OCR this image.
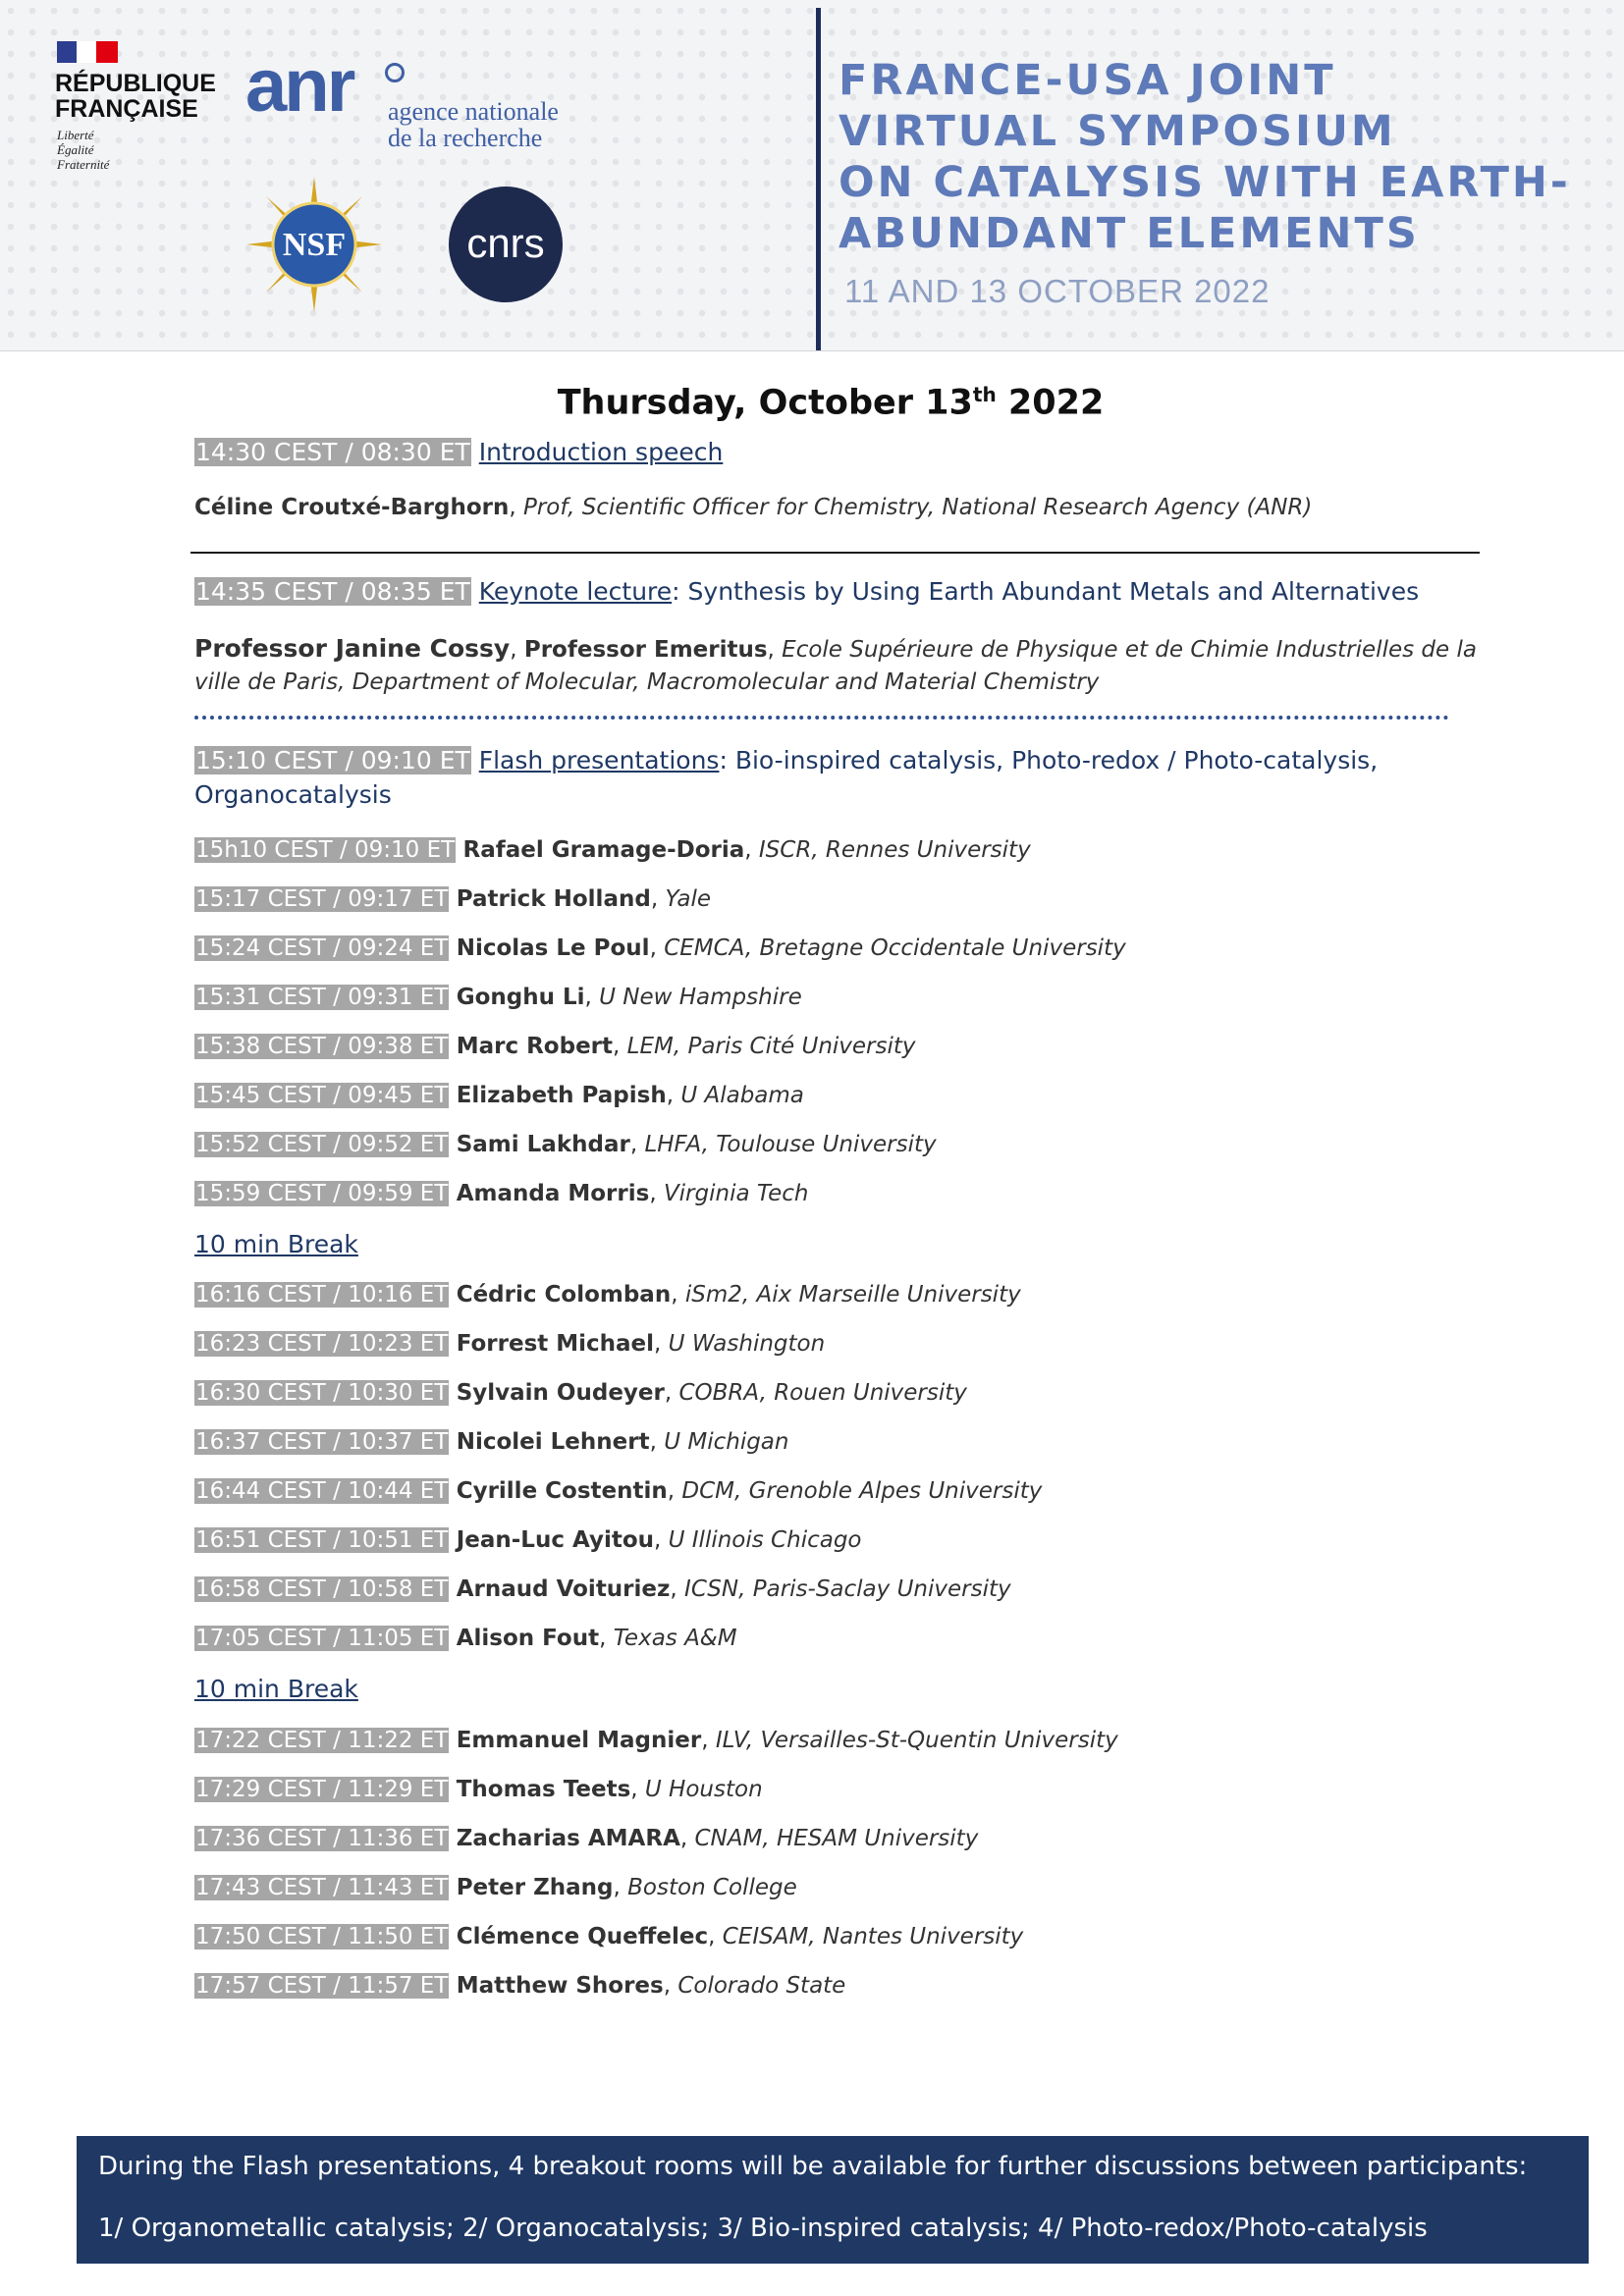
RÉPUBLIQUE
FRANÇAISE
Liberté
Égalité
Fraternité
anr agence nationale
de la recherche
NSF	cnrs
FRANCE-USA JOINT
VIRTUAL SYMPOSIUM
ON CATALYSIS WITH EARTH-
ABUNDANT ELEMENTS
11 AND 13 OCTOBER 2022
Thursday, October 13th 2022
14:30 CEST / 08:30 ET Introduction speech
Céline Croutxé-Barghorn, Prof, Scientific Officer for Chemistry, National Research Agency (ANR)
14:35 CEST / 08:35 ET Keynote lecture: Synthesis by Using Earth Abundant Metals and Alternatives
Professor Janine Cossy, Professor Emeritus, Ecole Supérieure de Physique et de Chimie Industrielles de la ville de Paris, Department of Molecular, Macromolecular and Material Chemistry
15:10 CEST / 09:10 ET Flash presentations: Bio-inspired catalysis, Photo-redox / Photo-catalysis,
Organocatalysis
15h10 CEST / 09:10 ET Rafael Gramage-Doria, ISCR, Rennes University
15:17 CEST / 09:17 ET Patrick Holland, Yale
15:24 CEST / 09:24 ET Nicolas Le Poul, CEMCA, Bretagne Occidentale University
15:31 CEST / 09:31 ET Gonghu Li, U New Hampshire
15:38 CEST / 09:38 ET Marc Robert, LEM, Paris Cité University
15:45 CEST / 09:45 ET Elizabeth Papish, U Alabama
15:52 CEST / 09:52 ET Sami Lakhdar, LHFA, Toulouse University
15:59 CEST / 09:59 ET Amanda Morris, Virginia Tech
10 min Break
16:16 CEST / 10:16 ET Cédric Colomban, iSm2, Aix Marseille University
16:23 CEST / 10:23 ET Forrest Michael, U Washington
16:30 CEST / 10:30 ET Sylvain Oudeyer, COBRA, Rouen University
16:37 CEST / 10:37 ET Nicolei Lehnert, U Michigan
16:44 CEST / 10:44 ET Cyrille Costentin, DCM, Grenoble Alpes University
16:51 CEST / 10:51 ET Jean-Luc Ayitou, U Illinois Chicago
16:58 CEST / 10:58 ET Arnaud Voituriez, ICSN, Paris-Saclay University
17:05 CEST / 11:05 ET Alison Fout, Texas A&M
10 min Break
17:22 CEST / 11:22 ET Emmanuel Magnier, ILV, Versailles-St-Quentin University
17:29 CEST / 11:29 ET Thomas Teets, U Houston
17:36 CEST / 11:36 ET Zacharias AMARA, CNAM, HESAM University
17:43 CEST / 11:43 ET Peter Zhang, Boston College
17:50 CEST / 11:50 ET Clémence Queffelec, CEISAM, Nantes University
17:57 CEST / 11:57 ET Matthew Shores, Colorado State
During the Flash presentations, 4 breakout rooms will be available for further discussions between participants:
1/ Organometallic catalysis; 2/ Organocatalysis; 3/ Bio-inspired catalysis; 4/ Photo-redox/Photo-catalysis
